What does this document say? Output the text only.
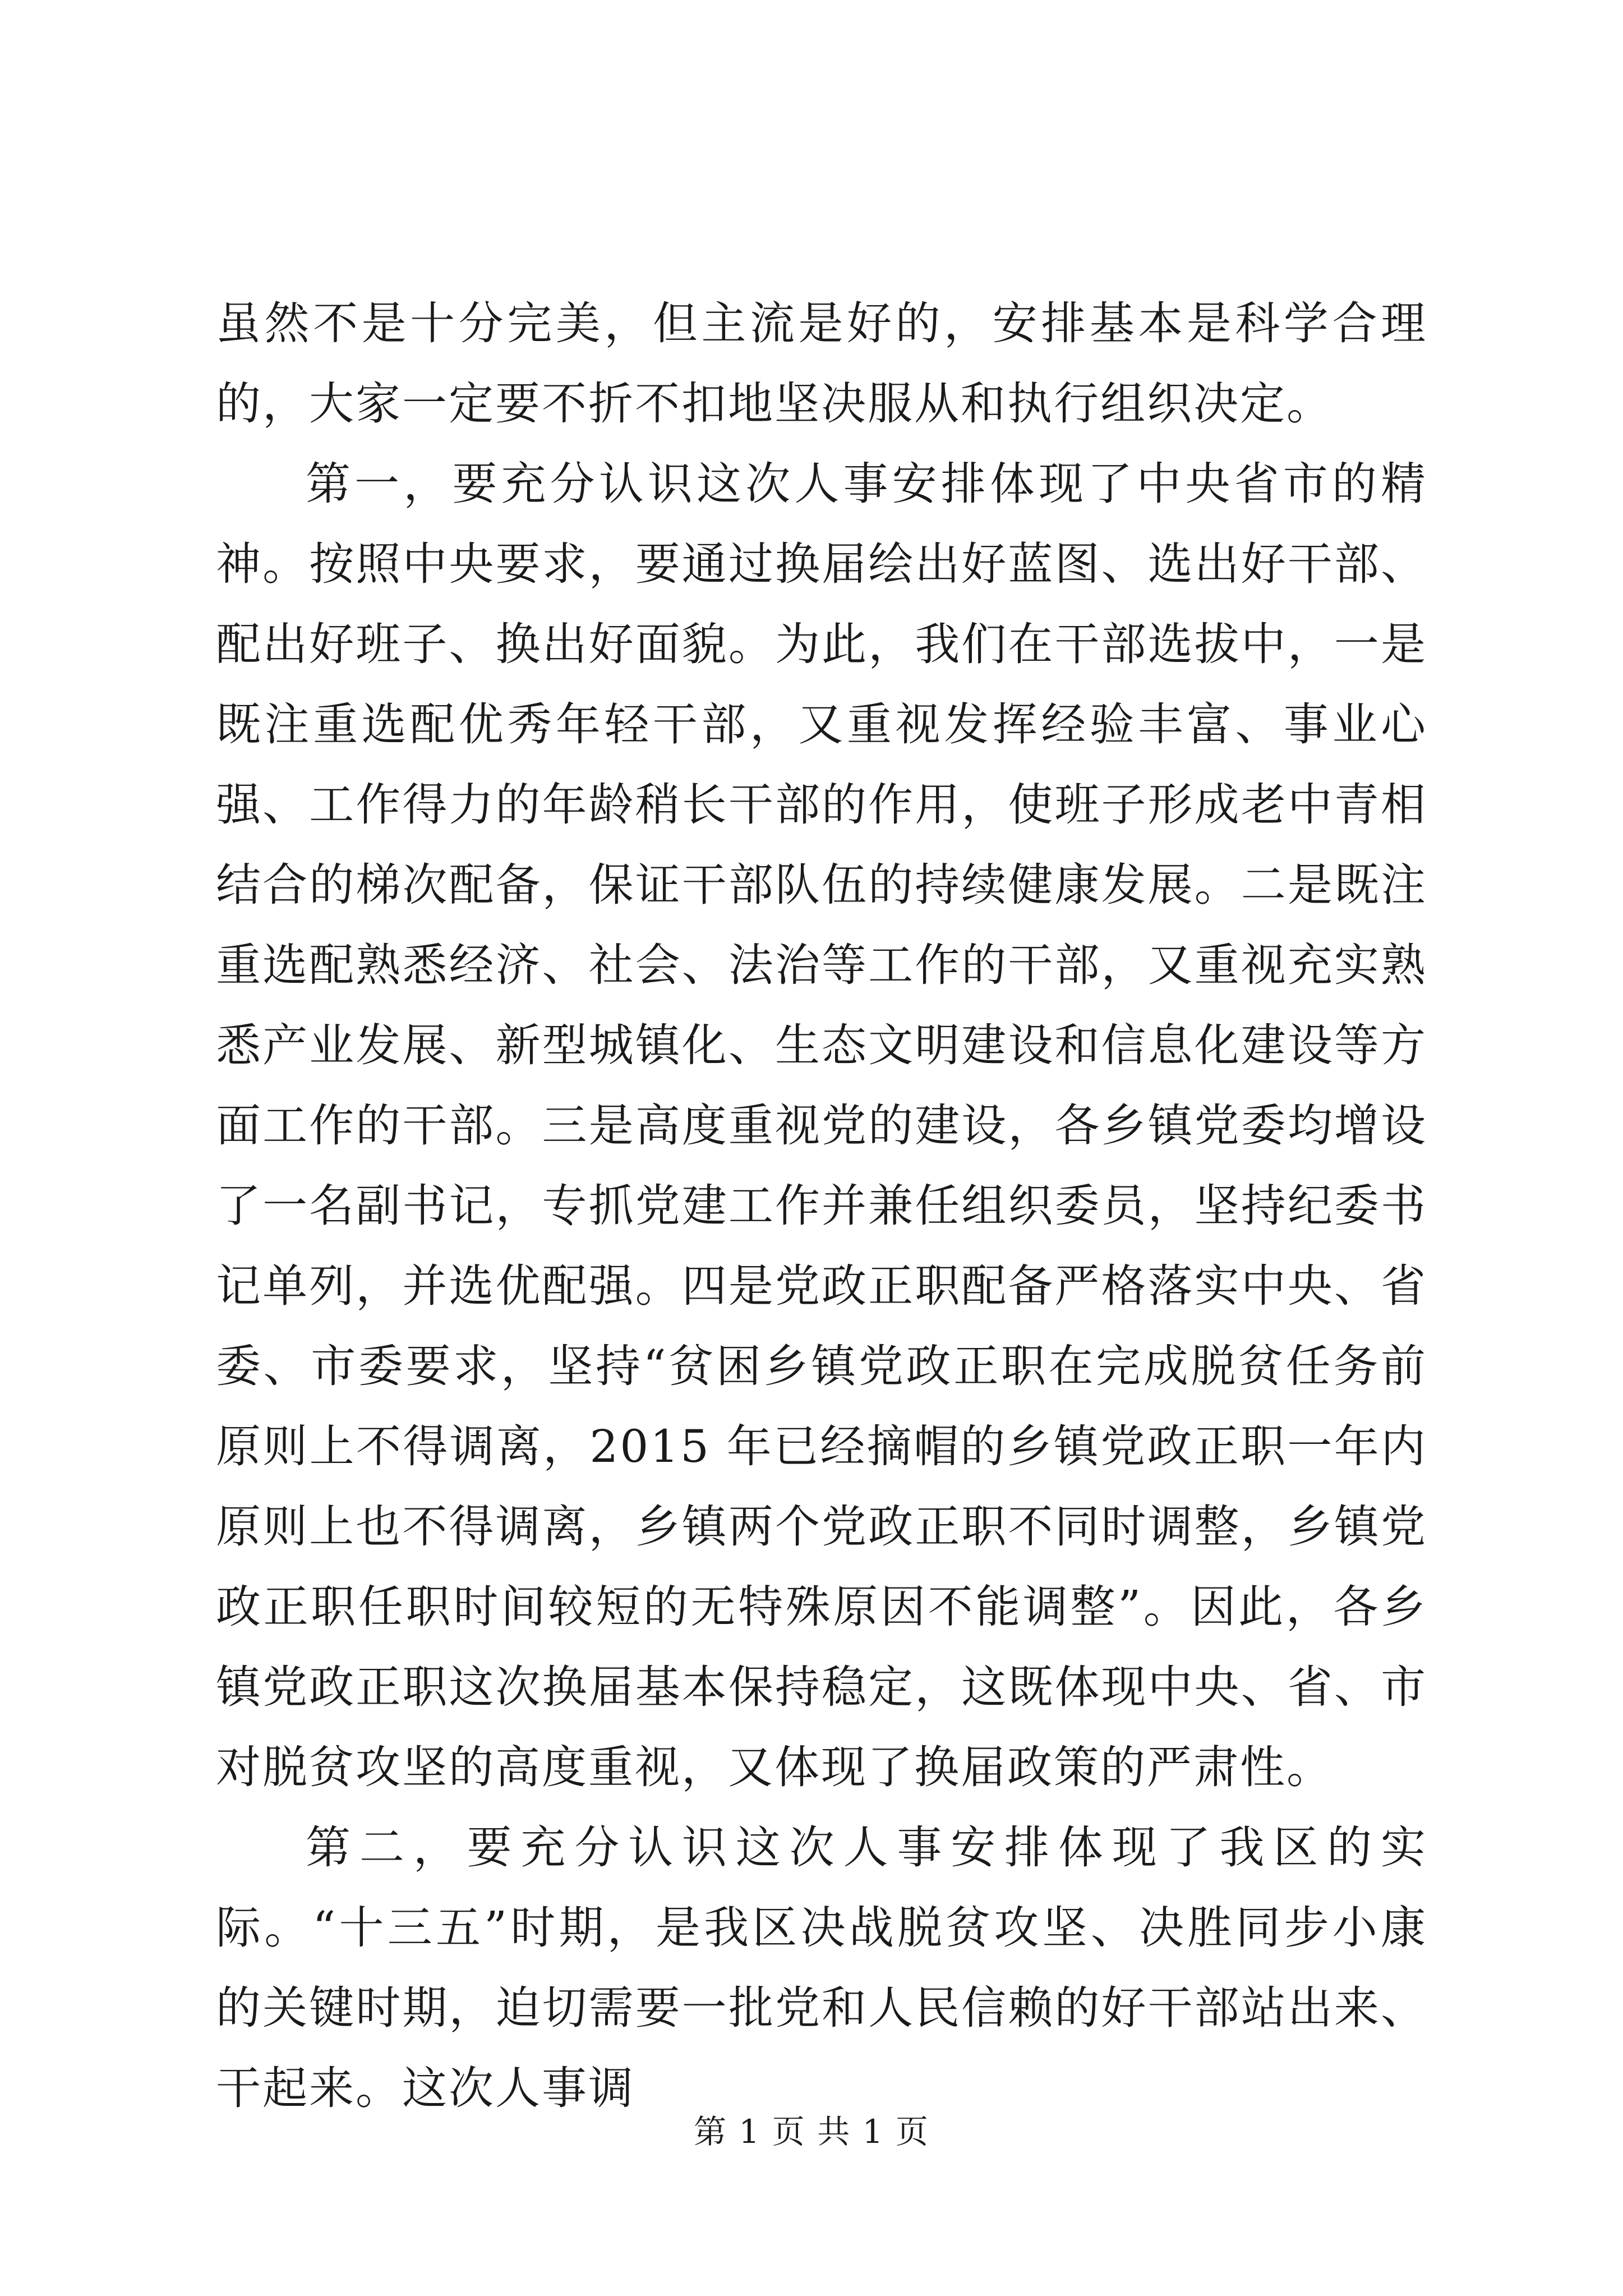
虽然不是十分完美，但主流是好的，安排基本是科学合理的，大家一定要不折不扣地坚决服从和执行组织决定。

第一，要充分认识这次人事安排体现了中央省市的精神。按照中央要求，要通过换届绘出好蓝图、选出好干部、配出好班子、换出好面貌。为此，我们在干部选拔中，一是既注重选配优秀年轻干部，又重视发挥经验丰富、事业心强、工作得力的年龄稍长干部的作用，使班子形成老中青相结合的梯次配备，保证干部队伍的持续健康发展。二是既注重选配熟悉经济、社会、法治等工作的干部，又重视充实熟悉产业发展、新型城镇化、生态文明建设和信息化建设等方面工作的干部。三是高度重视党的建设，各乡镇党委均增设了一名副书记，专抓党建工作并兼任组织委员，坚持纪委书记单列，并选优配强。四是党政正职配备严格落实中央、省委、市委要求，坚持“贫困乡镇党政正职在完成脱贫任务前原则上不得调离，2015 年已经摘帽的乡镇党政正职一年内原则上也不得调离，乡镇两个党政正职不同时调整，乡镇党政正职任职时间较短的无特殊原因不能调整”。因此，各乡镇党政正职这次换届基本保持稳定，这既体现中央、省、市对脱贫攻坚的高度重视，又体现了换届政策的严肃性。

第二，要充分认识这次人事安排体现了我区的实际。“十三五”时期，是我区决战脱贫攻坚、决胜同步小康的关键时期，迫切需要一批党和人民信赖的好干部站出来、干起来。这次人事调

第 1 页 共 1 页
